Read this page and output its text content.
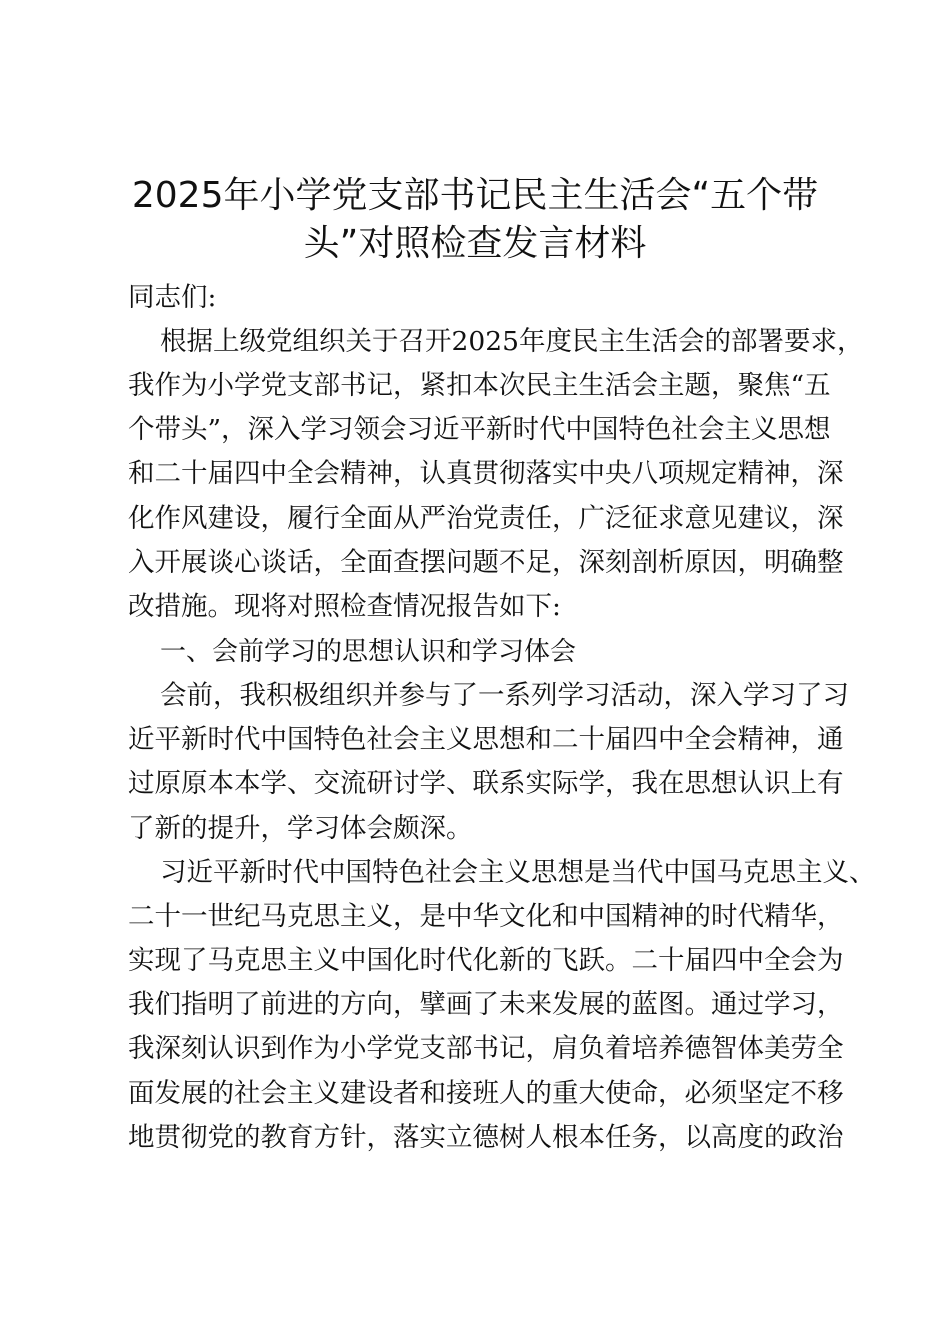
2025年小学党支部书记民主生活会“五个带
头”对照检查发言材料
同志们:
根据上级党组织关于召开2025年度民主生活会的部署要求，
我作为小学党支部书记，紧扣本次民主生活会主题，聚焦“五
个带头”，深入学习领会习近平新时代中国特色社会主义思想
和二十届四中全会精神，认真贯彻落实中央八项规定精神，深
化作风建设，履行全面从严治党责任，广泛征求意见建议，深
入开展谈心谈话，全面查摆问题不足，深刻剖析原因，明确整
改措施。现将对照检查情况报告如下:
一、会前学习的思想认识和学习体会
会前，我积极组织并参与了一系列学习活动，深入学习了习
近平新时代中国特色社会主义思想和二十届四中全会精神，通
过原原本本学、交流研讨学、联系实际学，我在思想认识上有
了新的提升，学习体会颇深。
习近平新时代中国特色社会主义思想是当代中国马克思主义、
二十一世纪马克思主义，是中华文化和中国精神的时代精华，
实现了马克思主义中国化时代化新的飞跃。二十届四中全会为
我们指明了前进的方向，擘画了未来发展的蓝图。通过学习，
我深刻认识到作为小学党支部书记，肩负着培养德智体美劳全
面发展的社会主义建设者和接班人的重大使命，必须坚定不移
地贯彻党的教育方针，落实立德树人根本任务，以高度的政治
